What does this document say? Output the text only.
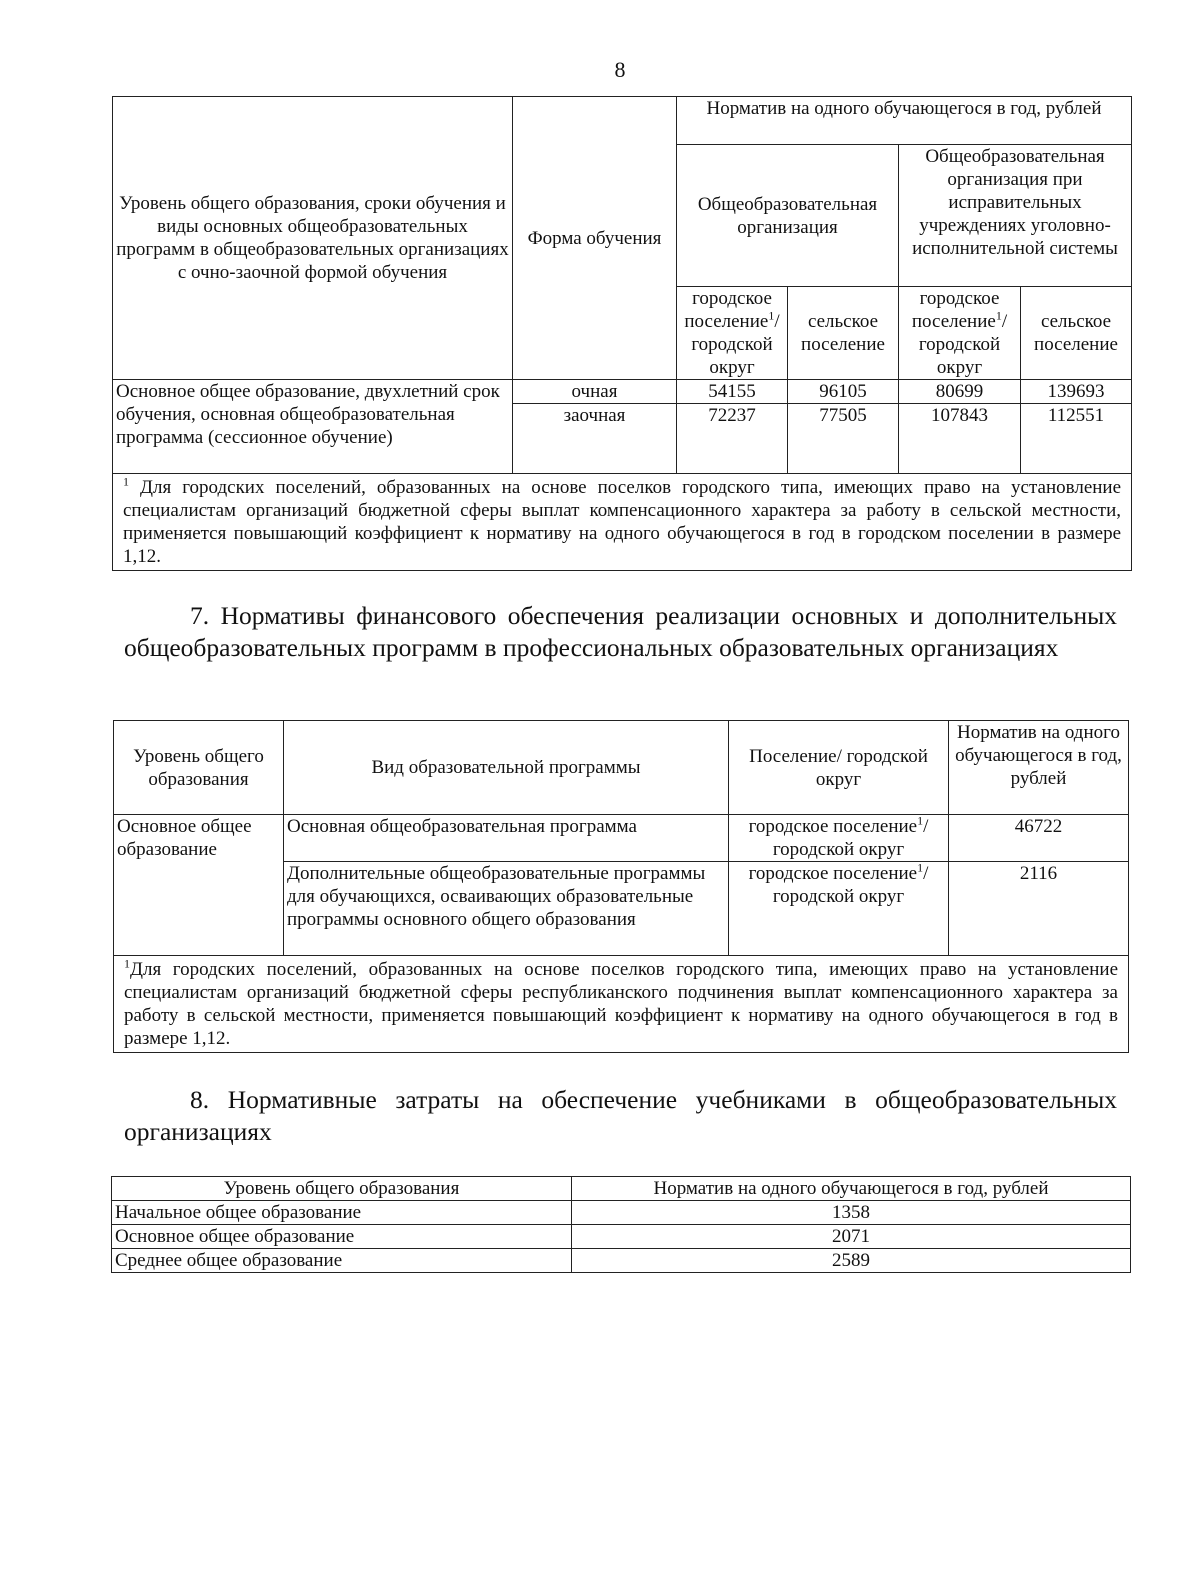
8
Уровень общего образования, сроки обучения и виды основных общеобразовательных программ в общеобразовательных организациях с очно-заочной формой обучения	Форма обучения	Норматив на одного обучающегося в год, рублей			
		Общеобразовательная организация		Общеобразовательная организация при исправительных учреждениях уголовно-исполнительной системы	
		городское поселение$^1$/ городской округ	сельское поселение	городское поселение$^1$/ городской округ	сельское поселение
Основное общее образование, двухлетний срок обучения, основная общеобразовательная программа (сессионное обучение)	очная	54155	96105	80699	139693
	заочная	72237	77505	107843	112551
$^1$ Для городских поселений, образованных на основе поселков городского типа, имеющих право на установление специалистам организаций бюджетной сферы выплат компенсационного характера за работу в сельской местности, применяется повышающий коэффициент к нормативу на одного обучающегося в год в городском поселении в размере 1,12.					
7. Нормативы финансового обеспечения реализации основных и дополнительных общеобразовательных программ в профессиональных образовательных организациях
Уровень общего образования	Вид образовательной программы	Поселение/ городской округ	Норматив на одного обучающегося в год, рублей
Основное общее образование	Основная общеобразовательная программа	городское поселение$^1$/ городской округ	46722
	Дополнительные общеобразовательные программы для обучающихся, осваивающих образовательные программы основного общего образования	городское поселение$^1$/ городской округ	2116
$^1$Для городских поселений, образованных на основе поселков городского типа, имеющих право на установление специалистам организаций бюджетной сферы республиканского подчинения выплат компенсационного характера за работу в сельской местности, применяется повышающий коэффициент к нормативу на одного обучающегося в год в размере 1,12.			
8. Нормативные затраты на обеспечение учебниками в общеобразовательных организациях
Уровень общего образования	Норматив на одного обучающегося в год, рублей
Начальное общее образование	1358
Основное общее образование	2071
Среднее общее образование	2589
